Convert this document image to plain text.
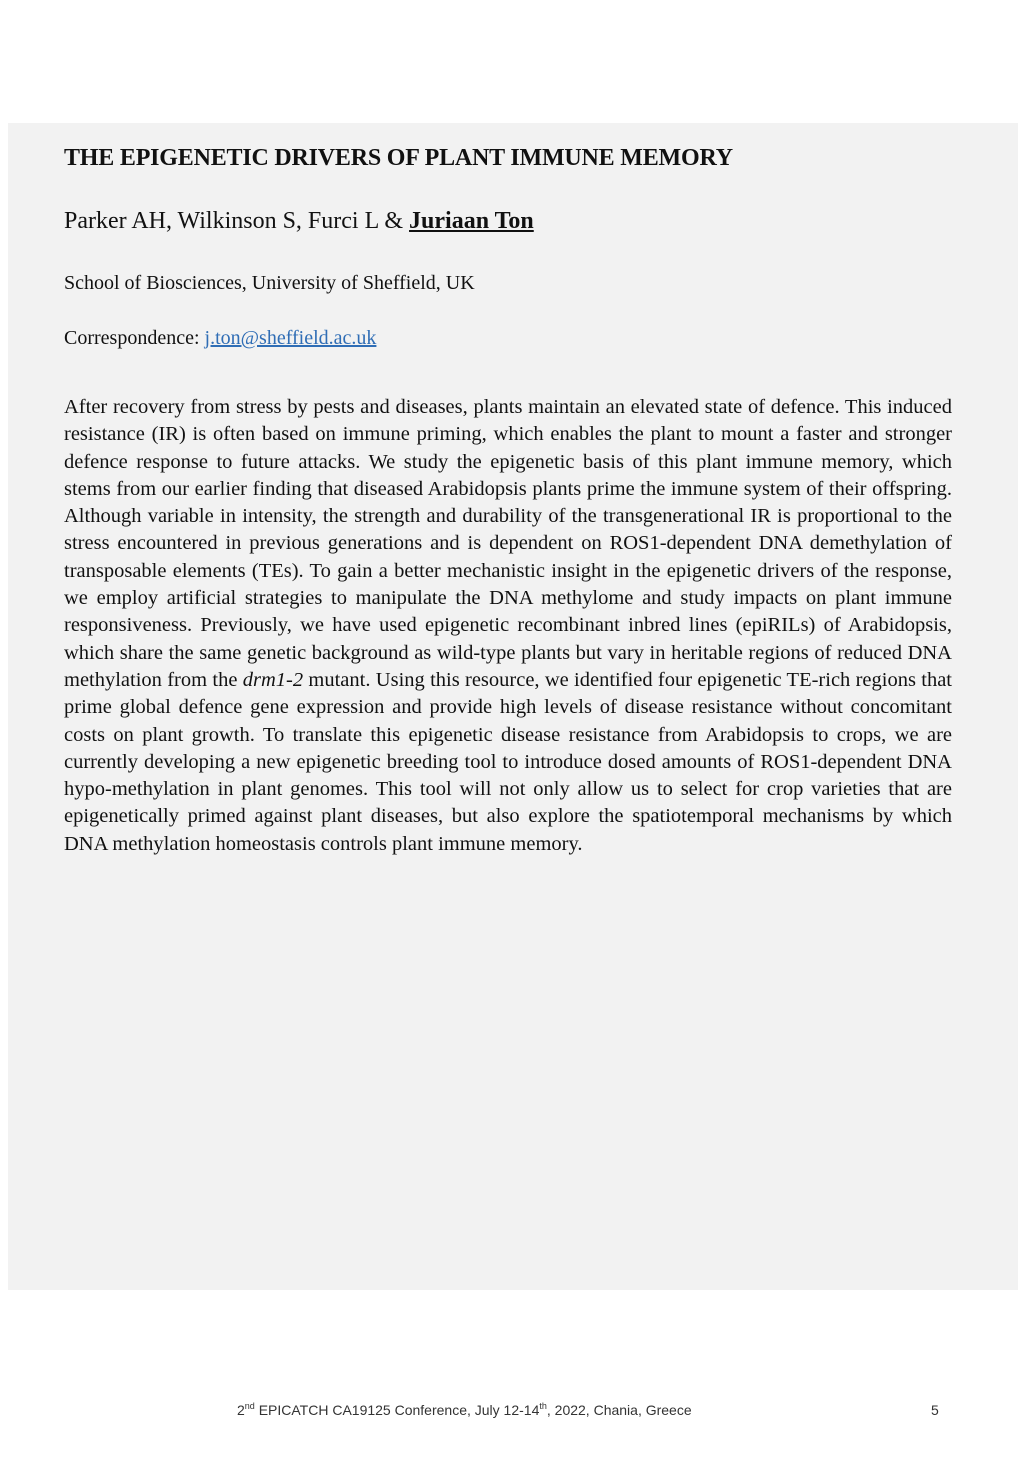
THE EPIGENETIC DRIVERS OF PLANT IMMUNE MEMORY
Parker AH, Wilkinson S, Furci L & Juriaan Ton
School of Biosciences, University of Sheffield, UK
Correspondence: j.ton@sheffield.ac.uk

After recovery from stress by pests and diseases, plants maintain an elevated state of defence. This induced resistance (IR) is often based on immune priming, which enables the plant to mount a faster and stronger defence response to future attacks. We study the epigenetic basis of this plant immune memory, which stems from our earlier finding that diseased Arabidopsis plants prime the immune system of their offspring. Although variable in intensity, the strength and durability of the transgenerational IR is proportional to the stress encountered in previous generations and is dependent on ROS1-dependent DNA demethylation of transposable elements (TEs). To gain a better mechanistic insight in the epigenetic drivers of the response, we employ artificial strategies to manipulate the DNA methylome and study impacts on plant immune responsiveness. Previously, we have used epigenetic recombinant inbred lines (epiRILs) of Arabidopsis, which share the same genetic background as wild-type plants but vary in heritable regions of reduced DNA methylation from the drm1-2 mutant. Using this resource, we identified four epigenetic TE-rich regions that prime global defence gene expression and provide high levels of disease resistance without concomitant costs on plant growth. To translate this epigenetic disease resistance from Arabidopsis to crops, we are currently developing a new epigenetic breeding tool to introduce dosed amounts of ROS1-dependent DNA hypo-methylation in plant genomes. This tool will not only allow us to select for crop varieties that are epigenetically primed against plant diseases, but also explore the spatiotemporal mechanisms by which DNA methylation homeostasis controls plant immune memory.

2nd EPICATCH CA19125 Conference, July 12-14th, 2022, Chania, Greece	5
